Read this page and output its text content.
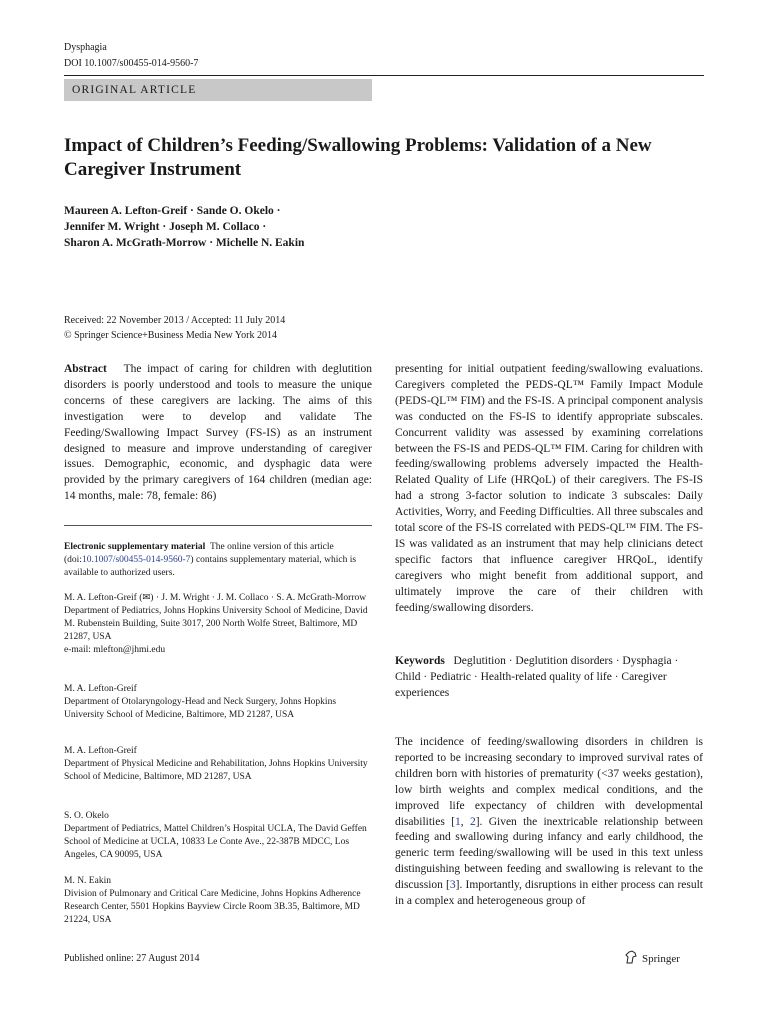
Dysphagia
DOI 10.1007/s00455-014-9560-7
ORIGINAL ARTICLE
Impact of Children’s Feeding/Swallowing Problems: Validation of a New Caregiver Instrument
Maureen A. Lefton-Greif · Sande O. Okelo ·
Jennifer M. Wright · Joseph M. Collaco ·
Sharon A. McGrath-Morrow · Michelle N. Eakin
Received: 22 November 2013 / Accepted: 11 July 2014
© Springer Science+Business Media New York 2014

Abstract The impact of caring for children with deglutition disorders is poorly understood and tools to measure the unique concerns of these caregivers are lacking. The aims of this investigation were to develop and validate The Feeding/Swallowing Impact Survey (FS-IS) as an instrument designed to measure and improve understanding of caregiver issues. Demographic, economic, and dysphagic data were provided by the primary caregivers of 164 children (median age: 14 months, male: 78, female: 86)

Electronic supplementary material The online version of this article (doi:10.1007/s00455-014-9560-7) contains supplementary material, which is available to authorized users.

M. A. Lefton-Greif (✉) · J. M. Wright · J. M. Collaco · S. A. McGrath-Morrow

Department of Pediatrics, Johns Hopkins University School of Medicine, David M. Rubenstein Building, Suite 3017, 200 North Wolfe Street, Baltimore, MD 21287, USA

e-mail: mlefton@jhmi.edu

M. A. Lefton-Greif

Department of Otolaryngology-Head and Neck Surgery, Johns Hopkins University School of Medicine, Baltimore, MD 21287, USA

M. A. Lefton-Greif

Department of Physical Medicine and Rehabilitation, Johns Hopkins University School of Medicine, Baltimore, MD 21287, USA

S. O. Okelo

Department of Pediatrics, Mattel Children’s Hospital UCLA, The David Geffen School of Medicine at UCLA, 10833 Le Conte Ave., 22-387B MDCC, Los Angeles, CA 90095, USA

M. N. Eakin

Division of Pulmonary and Critical Care Medicine, Johns Hopkins Adherence Research Center, 5501 Hopkins Bayview Circle Room 3B.35, Baltimore, MD 21224, USA

presenting for initial outpatient feeding/swallowing evaluations. Caregivers completed the PEDS-QL™ Family Impact Module (PEDS-QL™ FIM) and the FS-IS. A principal component analysis was conducted on the FS-IS to identify appropriate subscales. Concurrent validity was assessed by examining correlations between the FS-IS and PEDS-QL™ FIM. Caring for children with feeding/swallowing problems adversely impacted the Health-Related Quality of Life (HRQoL) of their caregivers. The FS-IS had a strong 3-factor solution to indicate 3 subscales: Daily Activities, Worry, and Feeding Difficulties. All three subscales and total score of the FS-IS correlated with PEDS-QL™ FIM. The FS-IS was validated as an instrument that may help clinicians detect specific factors that influence caregiver HRQoL, identify caregivers who might benefit from additional support, and ultimately improve the care of their children with feeding/swallowing disorders.

Keywords Deglutition · Deglutition disorders · Dysphagia · Child · Pediatric · Health-related quality of life · Caregiver experiences

The incidence of feeding/swallowing disorders in children is reported to be increasing secondary to improved survival rates of children born with histories of prematurity (<37 weeks gestation), low birth weights and complex medical conditions, and the improved life expectancy of children with developmental disabilities [1, 2]. Given the inextricable relationship between feeding and swallowing during infancy and early childhood, the generic term feeding/swallowing will be used in this text unless distinguishing between feeding and swallowing is relevant to the discussion [3]. Importantly, disruptions in either process can result in a complex and heterogeneous group of

Published online: 27 August 2014	Springer
